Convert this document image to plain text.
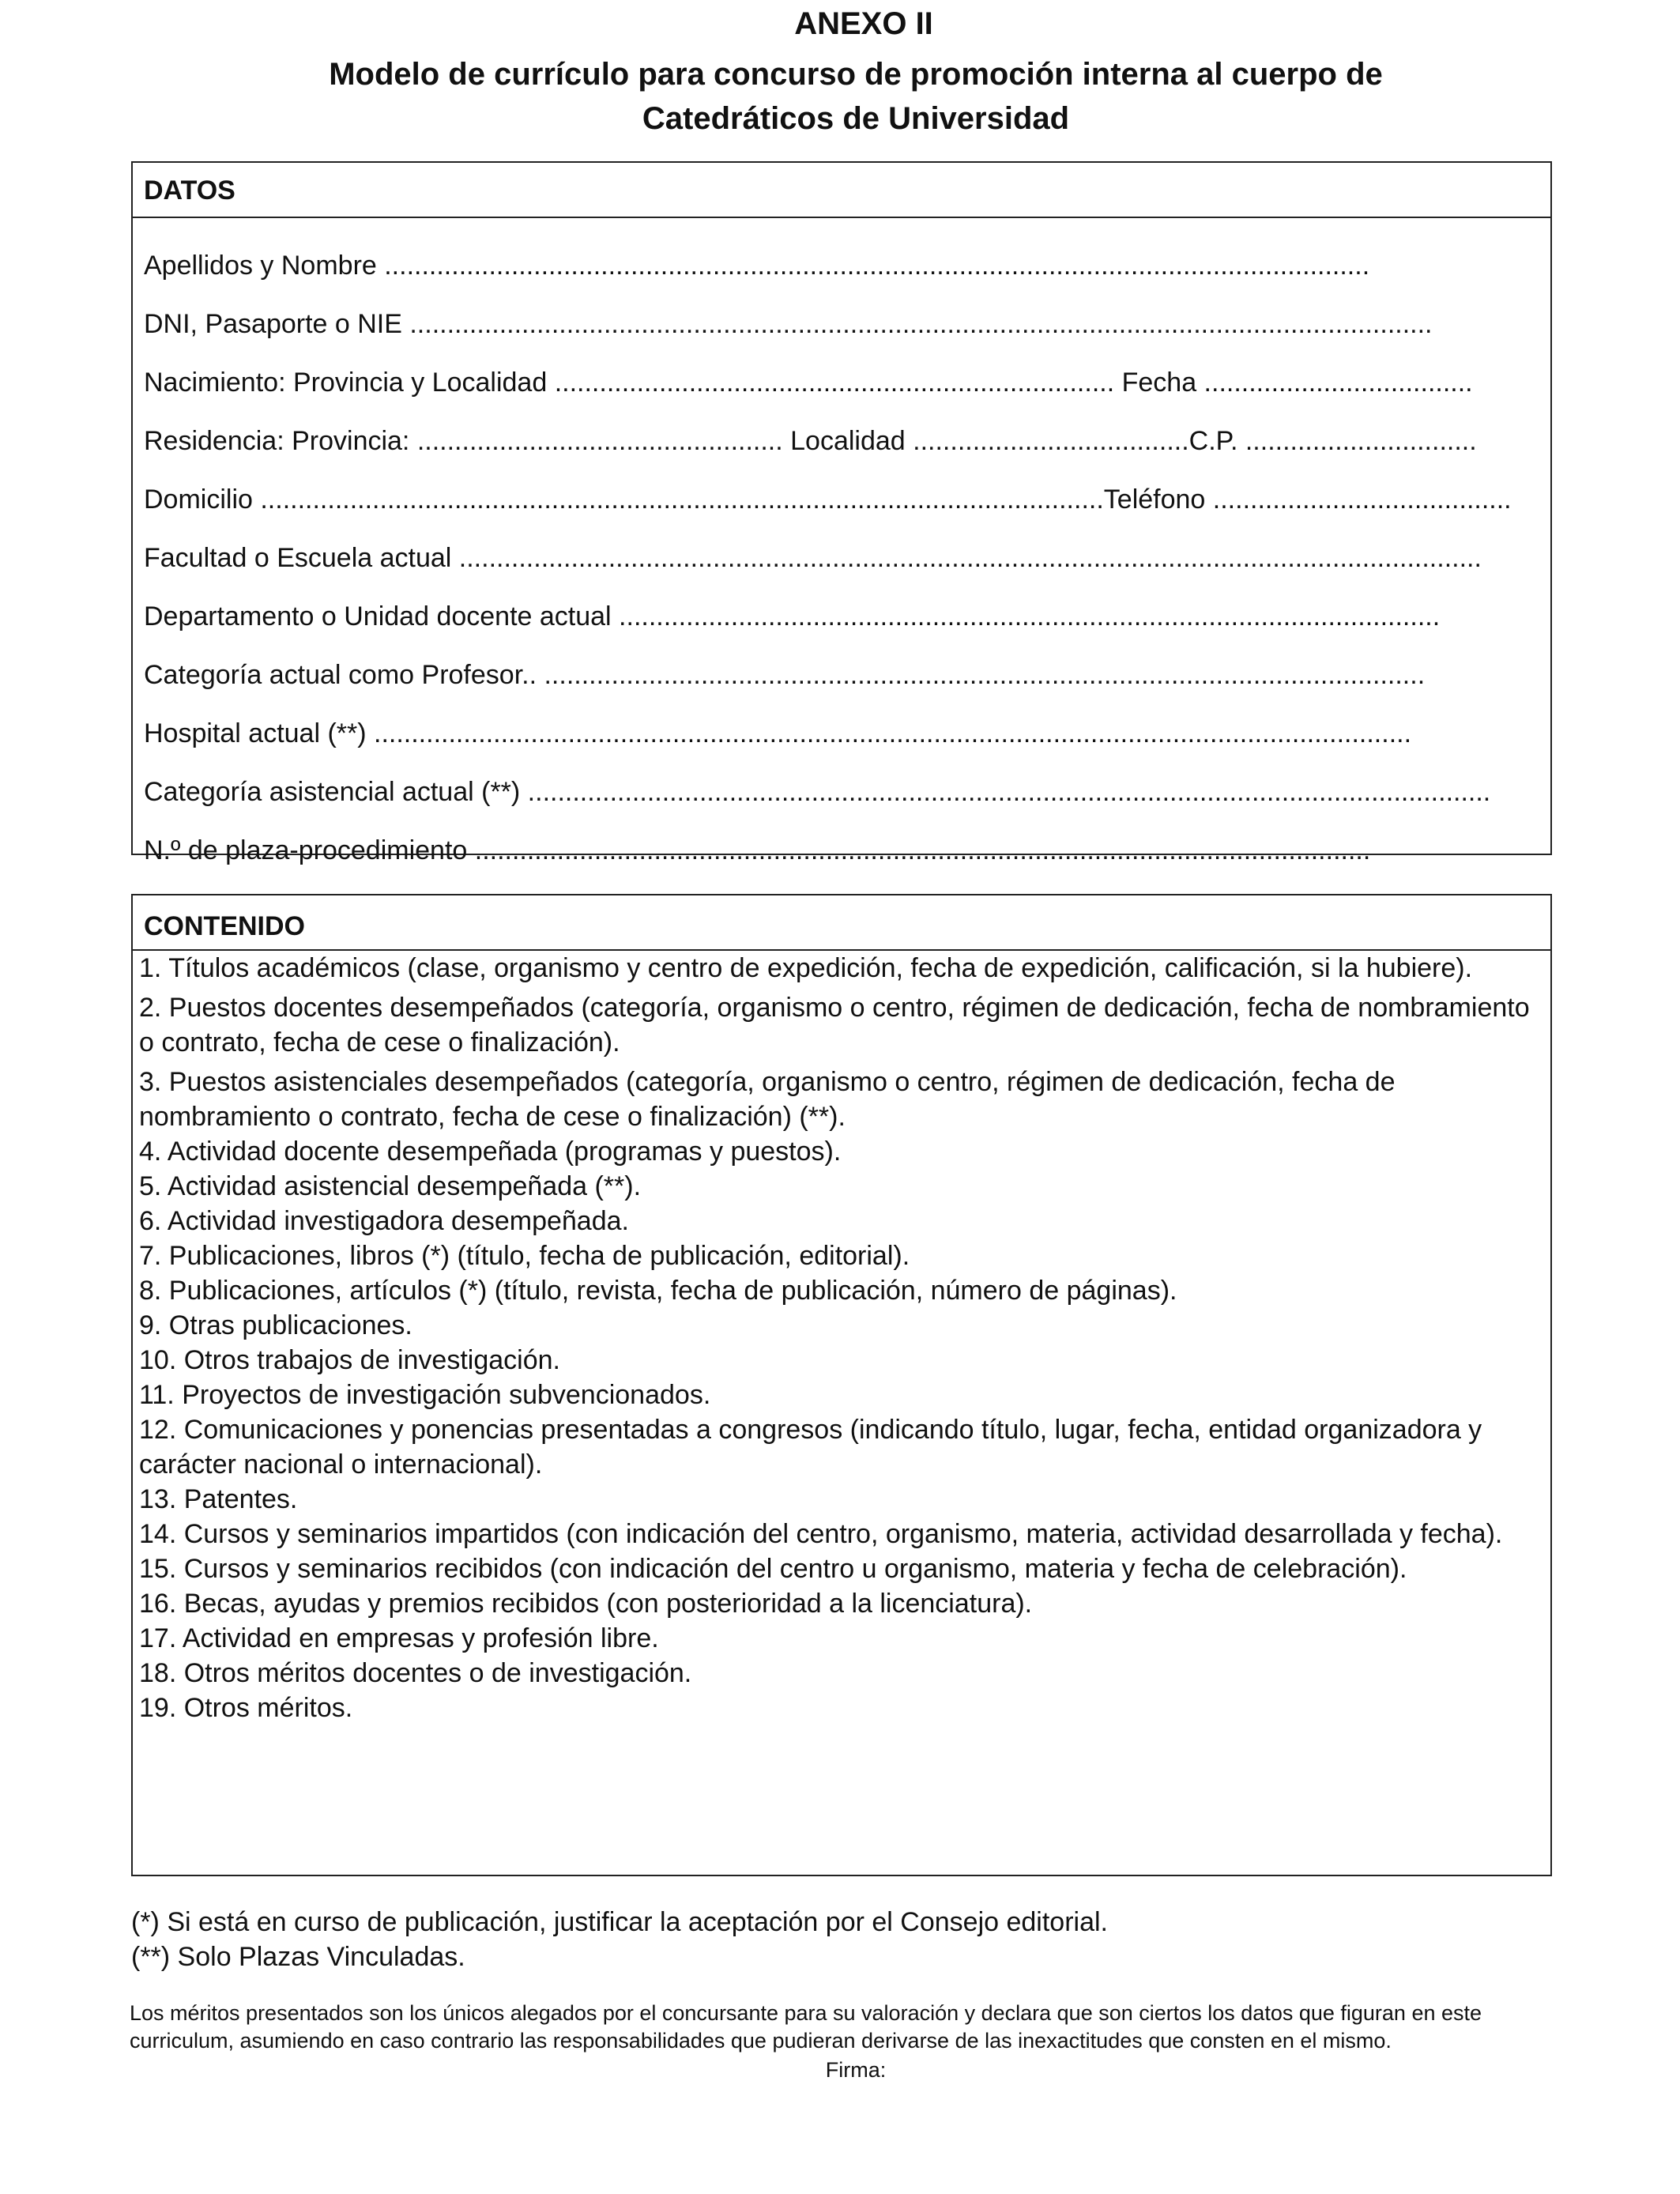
ANEXO II
Modelo de currículo para concurso de promoción interna al cuerpo de
Catedráticos de Universidad
DATOS
Apellidos y Nombre ....................................................................................................................................
DNI, Pasaporte o NIE .........................................................................................................................................
Nacimiento: Provincia y Localidad ........................................................................... Fecha ....................................
Residencia: Provincia: ................................................. Localidad .....................................C.P. ...............................
Domicilio .................................................................................................................Teléfono ........................................
Facultad o Escuela actual .........................................................................................................................................
Departamento o Unidad docente actual ..............................................................................................................
Categoría actual como Profesor.. ......................................................................................................................
Hospital actual (**) ...........................................................................................................................................
Categoría asistencial actual (**) .................................................................................................................................
N.º de plaza-procedimiento ........................................................................................................................
CONTENIDO
1. Títulos académicos (clase, organismo y centro de expedición, fecha de expedición, calificación, si la hubiere).
2. Puestos docentes desempeñados (categoría, organismo o centro, régimen de dedicación, fecha de nombramiento o contrato, fecha de cese o finalización).
3. Puestos asistenciales desempeñados (categoría, organismo o centro, régimen de dedicación, fecha de nombramiento o contrato, fecha de cese o finalización) (**).
4. Actividad docente desempeñada (programas y puestos).
5. Actividad asistencial desempeñada (**).
6. Actividad investigadora desempeñada.
7. Publicaciones, libros (*) (título, fecha de publicación, editorial).
8. Publicaciones, artículos (*) (título, revista, fecha de publicación, número de páginas).
9. Otras publicaciones.
10. Otros trabajos de investigación.
11. Proyectos de investigación subvencionados.
12. Comunicaciones y ponencias presentadas a congresos (indicando título, lugar, fecha, entidad organizadora y carácter nacional o internacional).
13. Patentes.
14. Cursos y seminarios impartidos (con indicación del centro, organismo, materia, actividad desarrollada y fecha).
15. Cursos y seminarios recibidos (con indicación del centro u organismo, materia y fecha de celebración).
16. Becas, ayudas y premios recibidos (con posterioridad a la licenciatura).
17. Actividad en empresas y profesión libre.
18. Otros méritos docentes o de investigación.
19. Otros méritos.
(*) Si está en curso de publicación, justificar la aceptación por el Consejo editorial.
(**) Solo Plazas Vinculadas.
Los méritos presentados son los únicos alegados por el concursante para su valoración y declara que son ciertos los datos que figuran en este curriculum, asumiendo en caso contrario las responsabilidades que pudieran derivarse de las inexactitudes que consten en el mismo.
Firma:
